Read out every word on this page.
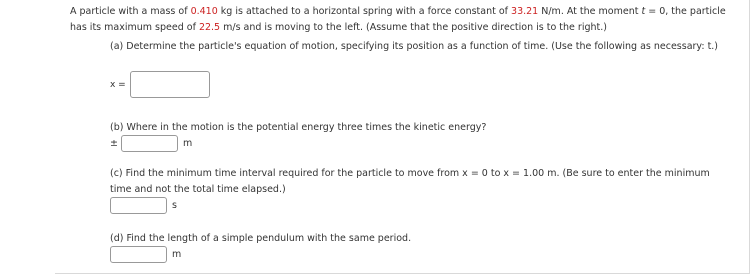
A particle with a mass of 0.410 kg is attached to a horizontal spring with a force constant of 33.21 N/m. At the moment t = 0, the particle has its maximum speed of 22.5 m/s and is moving to the left. (Assume that the positive direction is to the right.)
(a) Determine the particle's equation of motion, specifying its position as a function of time. (Use the following as necessary: t.)
x =
(b) Where in the motion is the potential energy three times the kinetic energy?
±	m
(c) Find the minimum time interval required for the particle to move from x = 0 to x = 1.00 m. (Be sure to enter the minimum time and not the total time elapsed.)
s
(d) Find the length of a simple pendulum with the same period.
m
